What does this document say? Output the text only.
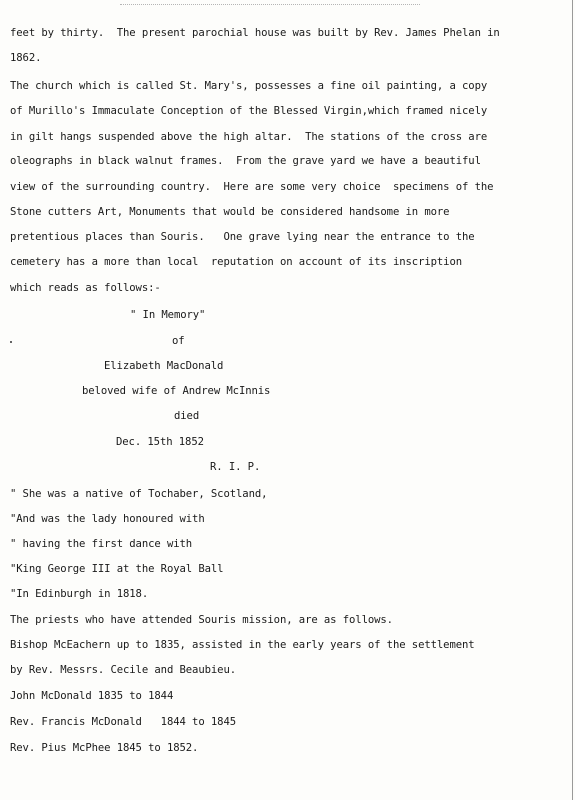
feet by thirty.  The present parochial house was built by Rev. James Phelan in
1862.
The church which is called St. Mary's, possesses a fine oil painting, a copy
of Murillo's Immaculate Conception of the Blessed Virgin,which framed nicely
in gilt hangs suspended above the high altar.  The stations of the cross are
oleographs in black walnut frames.  From the grave yard we have a beautiful
view of the surrounding country.  Here are some very choice  specimens of the
Stone cutters Art, Monuments that would be considered handsome in more
pretentious places than Souris.   One grave lying near the entrance to the
cemetery has a more than local  reputation on account of its inscription
which reads as follows:-
" In Memory"
of
Elizabeth MacDonald
beloved wife of Andrew McInnis
died
Dec. 15th 1852
R. I. P.
" She was a native of Tochaber, Scotland,
"And was the lady honoured with
" having the first dance with
"King George III at the Royal Ball
"In Edinburgh in 1818.
The priests who have attended Souris mission, are as follows.
Bishop McEachern up to 1835, assisted in the early years of the settlement
by Rev. Messrs. Cecile and Beaubieu.
John McDonald 1835 to 1844
Rev. Francis McDonald   1844 to 1845
Rev. Pius McPhee 1845 to 1852.
